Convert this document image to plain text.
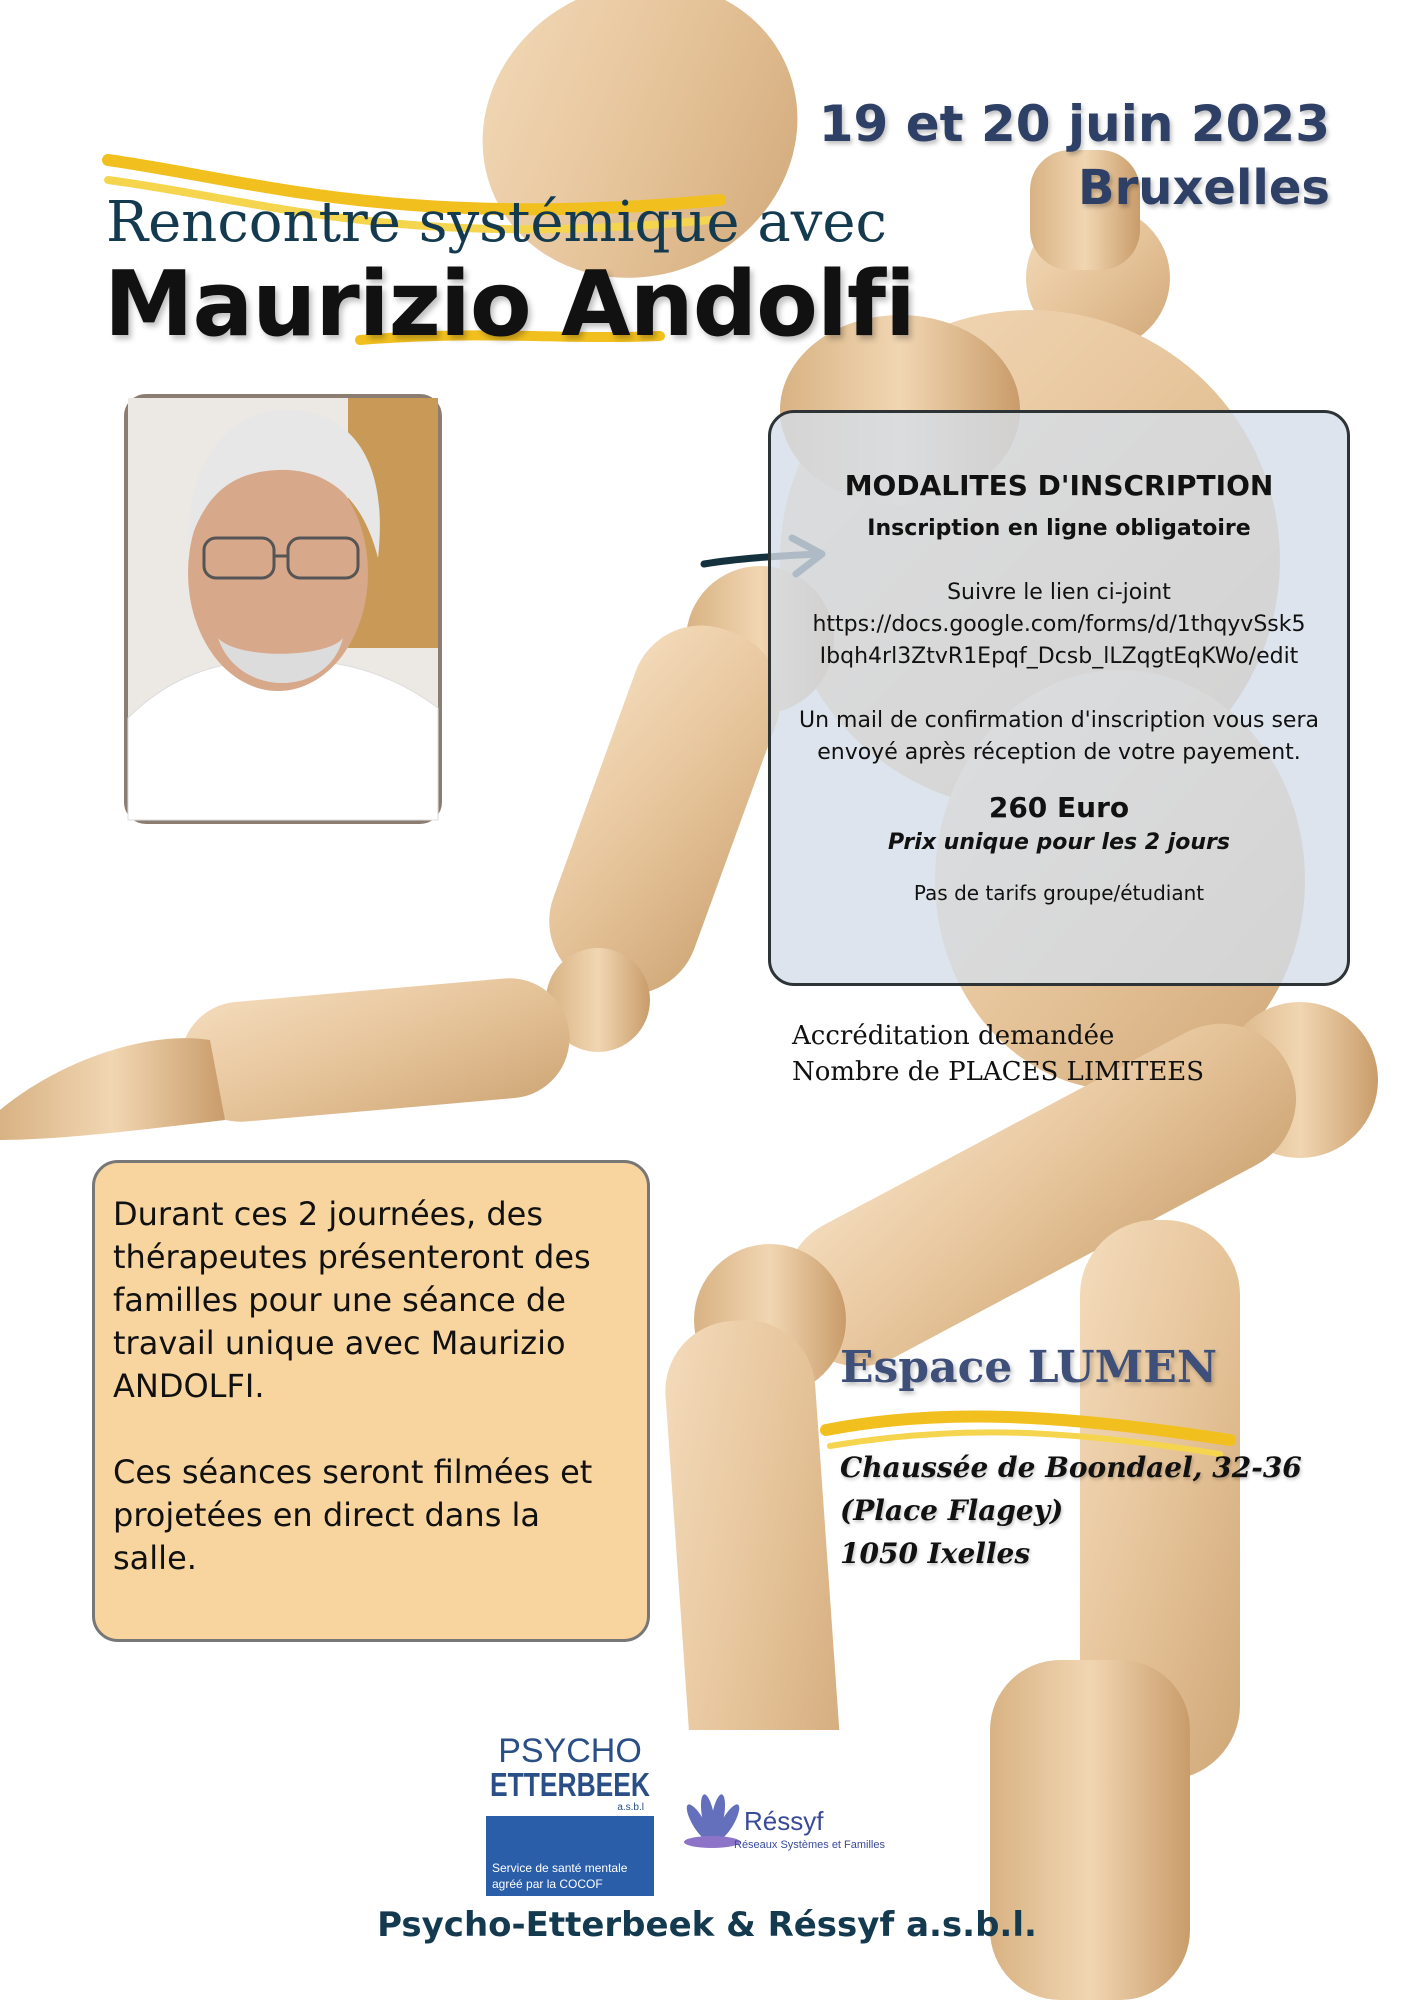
19 et 20 juin 2023
Bruxelles
Rencontre systémique avec
Maurizio Andolfi
MODALITES D'INSCRIPTION
Inscription en ligne obligatoire
Suivre le lien ci-joint
https://docs.google.com/forms/d/1thqyvSsk5
Ibqh4rl3ZtvR1Epqf_Dcsb_lLZqgtEqKWo/edit
Un mail de confirmation d'inscription vous sera
envoyé après réception de votre payement.
260 Euro
Prix unique pour les 2 jours
Pas de tarifs groupe/étudiant
Accréditation demandée
Nombre de PLACES LIMITEES

Durant ces 2 journées, des thérapeutes présenteront des familles pour une séance de travail unique avec Maurizio ANDOLFI.

Ces séances seront filmées et projetées en direct dans la salle.

Espace LUMEN
Chaussée de Boondael, 32-36
(Place Flagey)
1050 Ixelles
PSYCHO
ETTERBEEK
a.s.b.l
Service de santé mentale
agréé par la COCOF
Réssyf
Réseaux Systèmes et Familles
Psycho-Etterbeek & Réssyf a.s.b.l.
